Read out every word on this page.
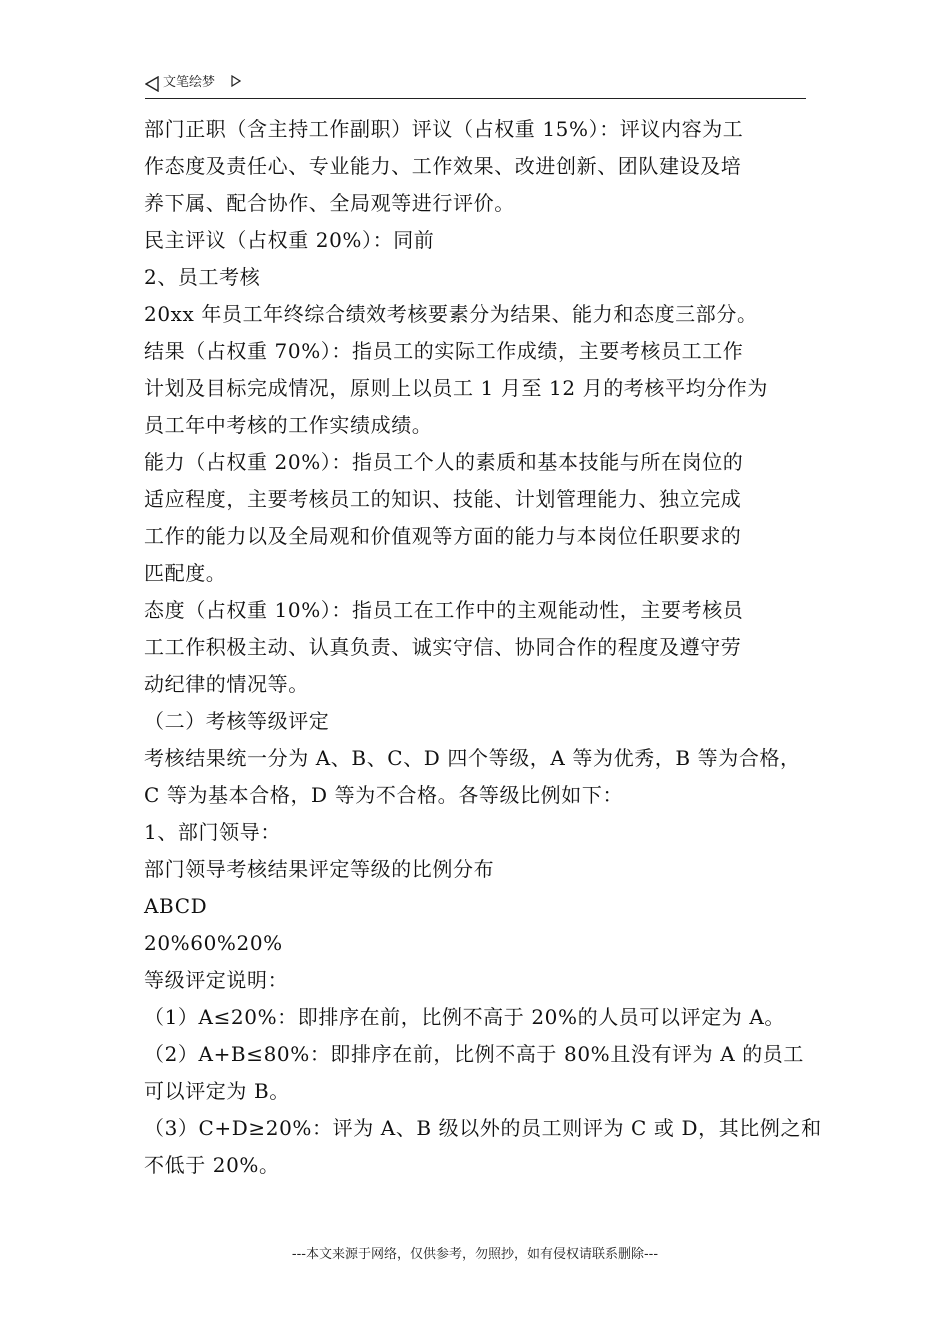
文笔绘梦

部门正职（含主持工作副职）评议（占权重 15%）：评议内容为工

作态度及责任心、专业能力、工作效果、改进创新、团队建设及培

养下属、配合协作、全局观等进行评价。

民主评议（占权重 20%）：同前

2、员工考核

20xx 年员工年终综合绩效考核要素分为结果、能力和态度三部分。

结果（占权重 70%）：指员工的实际工作成绩，主要考核员工工作

计划及目标完成情况，原则上以员工 1 月至 12 月的考核平均分作为

员工年中考核的工作实绩成绩。

能力（占权重 20%）：指员工个人的素质和基本技能与所在岗位的

适应程度，主要考核员工的知识、技能、计划管理能力、独立完成

工作的能力以及全局观和价值观等方面的能力与本岗位任职要求的

匹配度。

态度（占权重 10%）：指员工在工作中的主观能动性，主要考核员

工工作积极主动、认真负责、诚实守信、协同合作的程度及遵守劳

动纪律的情况等。

（二）考核等级评定

考核结果统一分为 A、B、C、D 四个等级，A 等为优秀，B 等为合格，

C 等为基本合格，D 等为不合格。各等级比例如下：

1、部门领导：

部门领导考核结果评定等级的比例分布

ABCD

20%60%20%

等级评定说明：

（1）A≤20%：即排序在前，比例不高于 20%的人员可以评定为 A。

（2）A+B≤80%：即排序在前，比例不高于 80%且没有评为 A 的员工

可以评定为 B。

（3）C+D≥20%：评为 A、B 级以外的员工则评为 C 或 D，其比例之和

不低于 20%。

---本文来源于网络，仅供参考，勿照抄，如有侵权请联系删除---
